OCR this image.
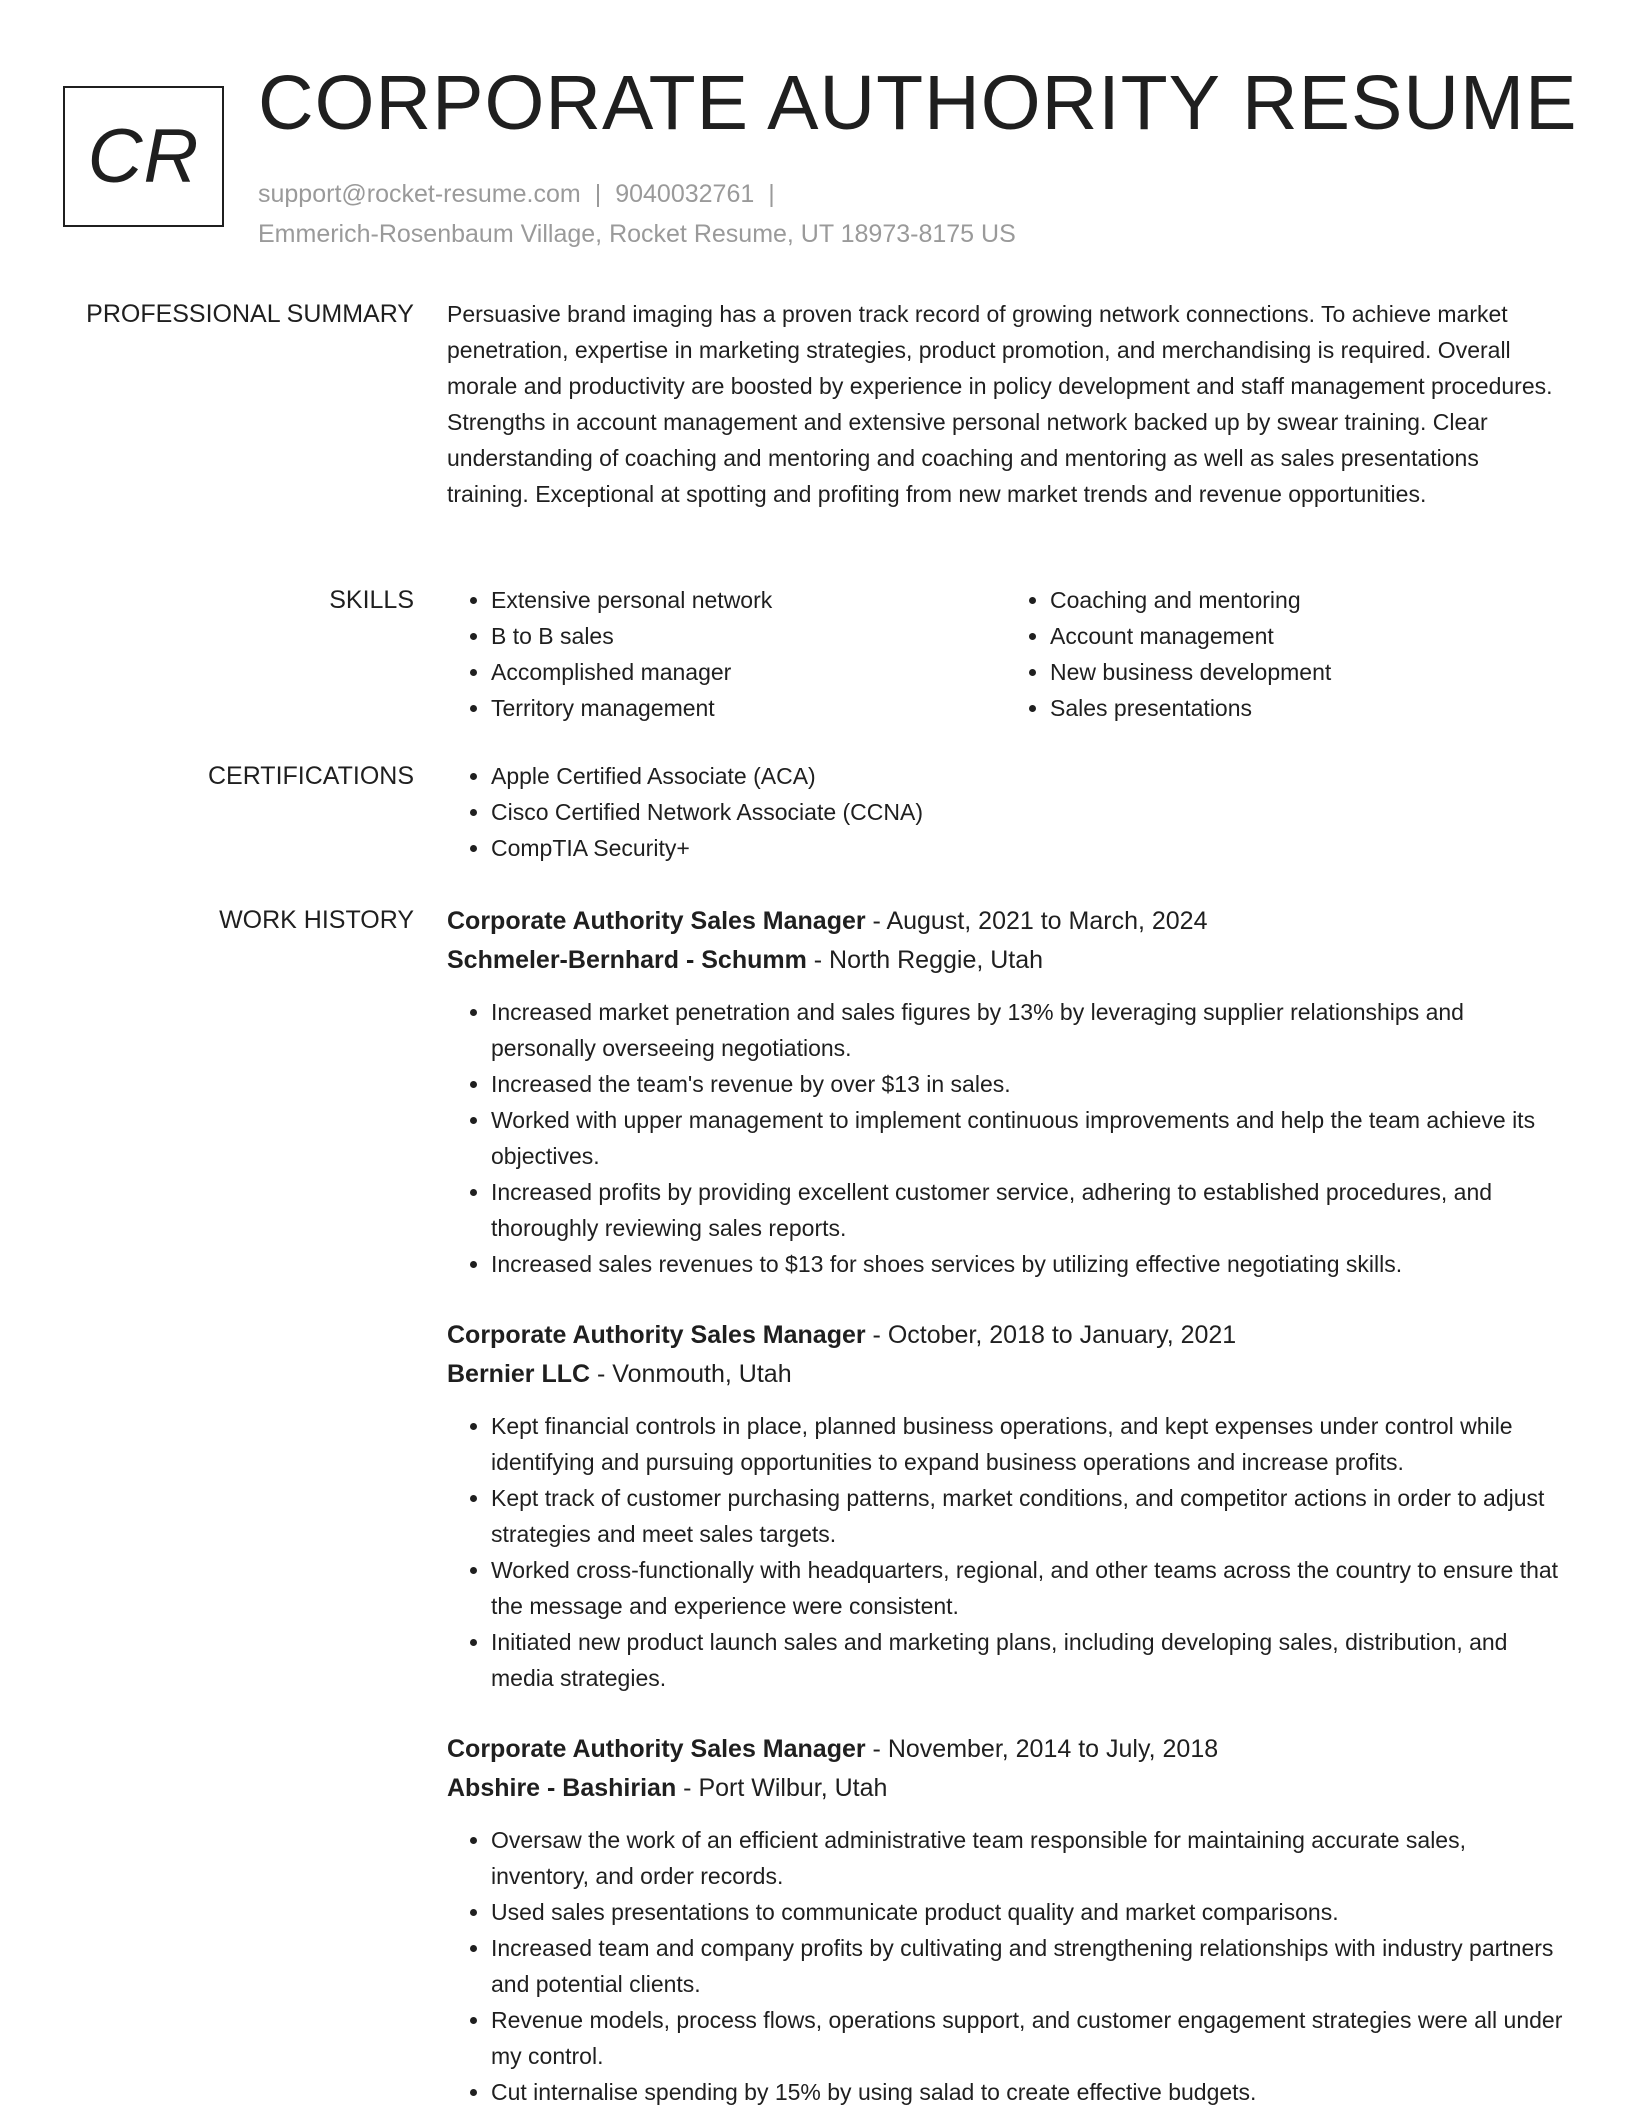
CR
CORPORATE AUTHORITY RESUME
support@rocket-resume.com | 9040032761 |
Emmerich-Rosenbaum Village, Rocket Resume, UT 18973-8175 US
PROFESSIONAL SUMMARY Persuasive brand imaging has a proven track record of growing network connections. To achieve market penetration, expertise in marketing strategies, product promotion, and merchandising is required. Overall morale and productivity are boosted by experience in policy development and staff management procedures. Strengths in account management and extensive personal network backed up by swear training. Clear understanding of coaching and mentoring and coaching and mentoring as well as sales presentations training. Exceptional at spotting and profiting from new market trends and revenue opportunities.

SKILLS	• Extensive personal network
• B to B sales
• Accomplished manager
• Territory management
• Coaching and mentoring
• Account management
• New business development
• Sales presentations
CERTIFICATIONS	• Apple Certified Associate (ACA)
• Cisco Certified Network Associate (CCNA)
• CompTIA Security+
WORK HISTORY Corporate Authority Sales Manager - August, 2021 to March, 2024
Schmeler-Bernhard - Schumm - North Reggie, Utah
• Increased market penetration and sales figures by 13% by leveraging supplier relationships and personally overseeing negotiations.
• Increased the team's revenue by over $13 in sales.
• Worked with upper management to implement continuous improvements and help the team achieve its objectives.
• Increased profits by providing excellent customer service, adhering to established procedures, and thoroughly reviewing sales reports.
• Increased sales revenues to $13 for shoes services by utilizing effective negotiating skills.
Corporate Authority Sales Manager - October, 2018 to January, 2021
Bernier LLC - Vonmouth, Utah
• Kept financial controls in place, planned business operations, and kept expenses under control while identifying and pursuing opportunities to expand business operations and increase profits.
• Kept track of customer purchasing patterns, market conditions, and competitor actions in order to adjust strategies and meet sales targets.
• Worked cross-functionally with headquarters, regional, and other teams across the country to ensure that the message and experience were consistent.
• Initiated new product launch sales and marketing plans, including developing sales, distribution, and media strategies.
Corporate Authority Sales Manager - November, 2014 to July, 2018
Abshire - Bashirian - Port Wilbur, Utah
• Oversaw the work of an efficient administrative team responsible for maintaining accurate sales, inventory, and order records.
• Used sales presentations to communicate product quality and market comparisons.
• Increased team and company profits by cultivating and strengthening relationships with industry partners and potential clients.
• Revenue models, process flows, operations support, and customer engagement strategies were all under my control.
• Cut internalise spending by 15% by using salad to create effective budgets.
